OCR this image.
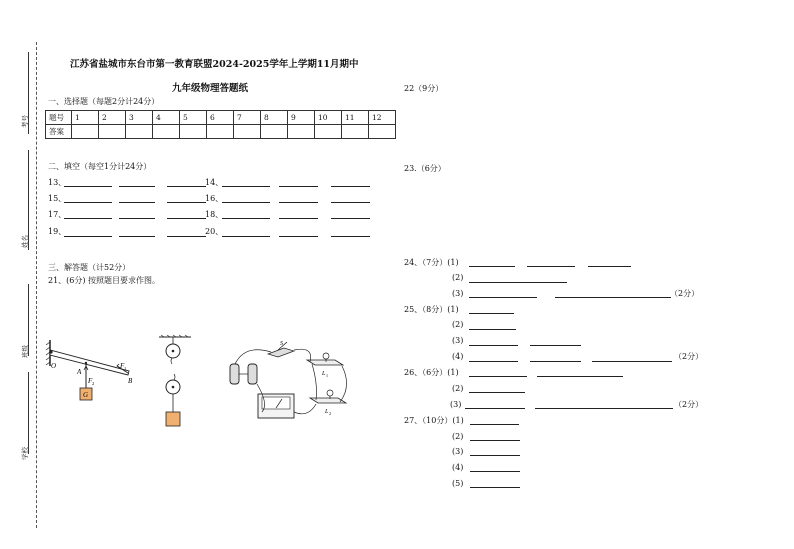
考号
姓名
班级
学校
江苏省盐城市东台市第一教育联盟2024-2025学年上学期11月期中
九年级物理答题纸
一、选择题（每题2分计24分）
题号	1	2	3	4	5	6	7	8	9	10	11	12
答案												
二、填空（每空1分计24分）
13、	14、
15、	16、
17、	18、
19、	20、
三、解答题（计52分）
21、(6分) 按照题目要求作图。
O
A
F 2
G
F 1
B
S
L 1
L 2
22（9分）
23.（6分）
24、（7分）(1)
(2)
(3)	（2分）
25、（8分）(1)
(2)
(3)
(4)	（2分）
26、（6分）(1)
(2)
(3)	（2分）
27、（10分）(1)
(2)
(3)
(4)
(5)
